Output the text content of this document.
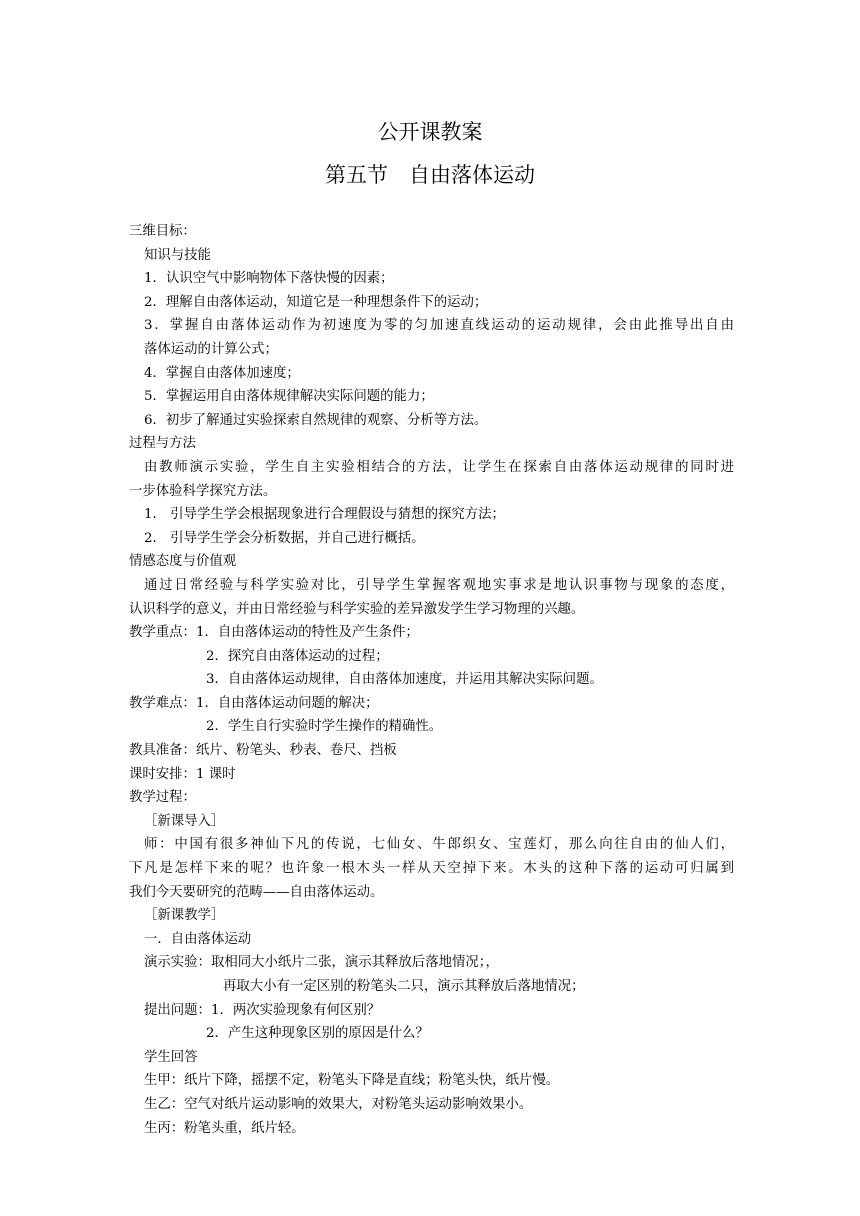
公开课教案
第五节　自由落体运动
三维目标：
知识与技能
1．认识空气中影响物体下落快慢的因素；
2．理解自由落体运动，知道它是一种理想条件下的运动；
3．掌握自由落体运动作为初速度为零的匀加速直线运动的运动规律，会由此推导出自由
落体运动的计算公式；
4．掌握自由落体加速度；
5．掌握运用自由落体规律解决实际问题的能力；
6．初步了解通过实验探索自然规律的观察、分析等方法。
过程与方法
由教师演示实验，学生自主实验相结合的方法，让学生在探索自由落体运动规律的同时进
一步体验科学探究方法。
1． 引导学生学会根据现象进行合理假设与猜想的探究方法；
2． 引导学生学会分析数据，并自己进行概括。
情感态度与价值观
通过日常经验与科学实验对比，引导学生掌握客观地实事求是地认识事物与现象的态度，
认识科学的意义，并由日常经验与科学实验的差异激发学生学习物理的兴趣。
教学重点：1．自由落体运动的特性及产生条件；
2．探究自由落体运动的过程；
3．自由落体运动规律，自由落体加速度，并运用其解决实际问题。
教学难点：1．自由落体运动问题的解决；
2．学生自行实验时学生操作的精确性。
教具准备：纸片、粉笔头、秒表、卷尺、挡板
课时安排：1 课时
教学过程：
［新课导入］
师：中国有很多神仙下凡的传说，七仙女、牛郎织女、宝莲灯，那么向往自由的仙人们，
下凡是怎样下来的呢？也许象一根木头一样从天空掉下来。木头的这种下落的运动可归属到
我们今天要研究的范畴——自由落体运动。
［新课教学］
一．自由落体运动
演示实验：取相同大小纸片二张，演示其释放后落地情况；，
再取大小有一定区别的粉笔头二只，演示其释放后落地情况；
提出问题：1．两次实验现象有何区别？
2．产生这种现象区别的原因是什么？
学生回答
生甲：纸片下降，摇摆不定，粉笔头下降是直线；粉笔头快，纸片慢。
生乙：空气对纸片运动影响的效果大，对粉笔头运动影响效果小。
生丙：粉笔头重，纸片轻。
